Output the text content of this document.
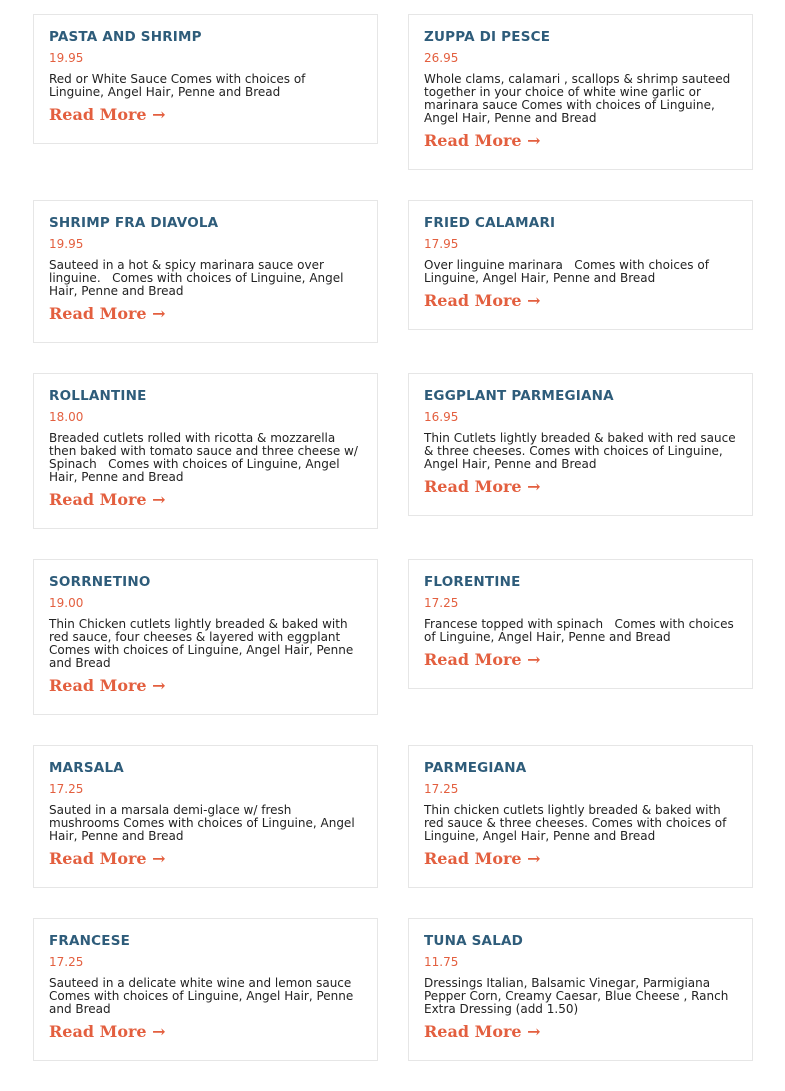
PASTA AND SHRIMP
19.95
Red or White Sauce Comes with choices of Linguine, Angel Hair, Penne and Bread
Read More →
ZUPPA DI PESCE
26.95
Whole clams, calamari , scallops & shrimp sauteed together in your choice of white wine garlic or marinara sauce Comes with choices of Linguine, Angel Hair, Penne and Bread
Read More →
SHRIMP FRA DIAVOLA
19.95
Sauteed in a hot & spicy marinara sauce over linguine.   Comes with choices of Linguine, Angel Hair, Penne and Bread
Read More →
FRIED CALAMARI
17.95
Over linguine marinara   Comes with choices of Linguine, Angel Hair, Penne and Bread
Read More →
ROLLANTINE
18.00
Breaded cutlets rolled with ricotta & mozzarella then baked with tomato sauce and three cheese w/ Spinach   Comes with choices of Linguine, Angel Hair, Penne and Bread
Read More →
EGGPLANT PARMEGIANA
16.95
Thin Cutlets lightly breaded & baked with red sauce & three cheeses. Comes with choices of Linguine, Angel Hair, Penne and Bread
Read More →
SORRNETINO
19.00
Thin Chicken cutlets lightly breaded & baked with red sauce, four cheeses & layered with eggplant Comes with choices of Linguine, Angel Hair, Penne and Bread
Read More →
FLORENTINE
17.25
Francese topped with spinach   Comes with choices of Linguine, Angel Hair, Penne and Bread
Read More →
MARSALA
17.25
Sauted in a marsala demi-glace w/ fresh mushrooms Comes with choices of Linguine, Angel Hair, Penne and Bread
Read More →
PARMEGIANA
17.25
Thin chicken cutlets lightly breaded & baked with red sauce & three cheeses. Comes with choices of Linguine, Angel Hair, Penne and Bread
Read More →
FRANCESE
17.25
Sauteed in a delicate white wine and lemon sauce Comes with choices of Linguine, Angel Hair, Penne and Bread
Read More →
TUNA SALAD
11.75
Dressings Italian, Balsamic Vinegar, Parmigiana Pepper Corn, Creamy Caesar, Blue Cheese , Ranch  Extra Dressing (add 1.50)
Read More →
